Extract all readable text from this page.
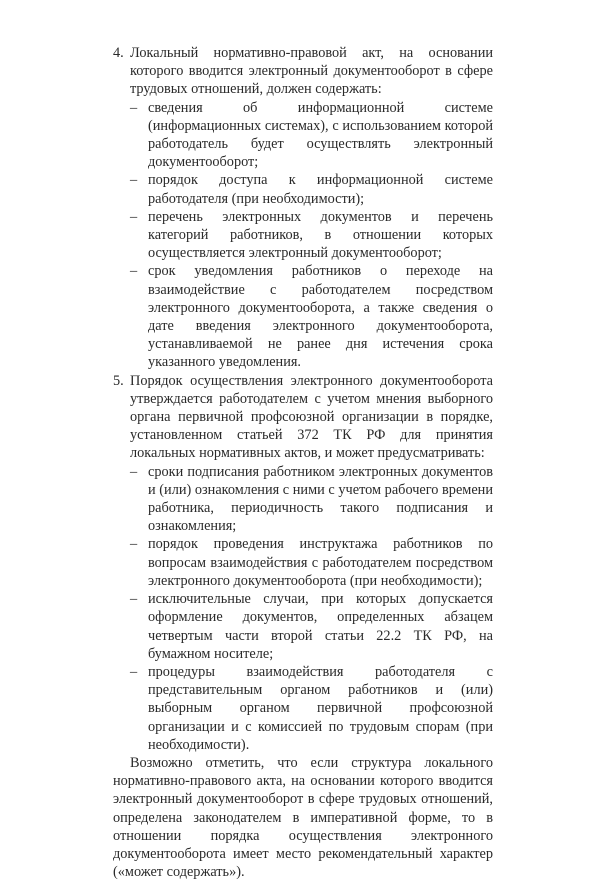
4. Локальный нормативно-правовой акт, на основании которого вводится электронный документооборот в сфере трудовых отношений, должен содержать:

– сведения об информационной системе (информационных системах), с использованием которой работодатель будет осуществлять электронный документооборот;

– порядок доступа к информационной системе работодателя (при необходимости);

– перечень электронных документов и перечень категорий работников, в отношении которых осуществляется электронный документооборот;

– срок уведомления работников о переходе на взаимодействие с работодателем посредством электронного документооборота, а также сведения о дате введения электронного документооборота, устанавливаемой не ранее дня истечения срока указанного уведомления.

5. Порядок осуществления электронного документооборота утверждается работодателем с учетом мнения выборного органа первичной профсоюзной организации в порядке, установленном статьей 372 ТК РФ для принятия локальных нормативных актов, и может предусматривать:

– сроки подписания работником электронных документов и (или) ознакомления с ними с учетом рабочего времени работника, периодичность такого подписания и ознакомления;

– порядок проведения инструктажа работников по вопросам взаимодействия с работодателем посредством электронного документооборота (при необходимости);

– исключительные случаи, при которых допускается оформление документов, определенных абзацем четвертым части второй статьи 22.2 ТК РФ, на бумажном носителе;

– процедуры взаимодействия работодателя с представительным органом работников и (или) выборным органом первичной профсоюзной организации и с комиссией по трудовым спорам (при необходимости).

Возможно отметить, что если структура локального нормативно-правового акта, на основании которого вводится электронный документооборот в сфере трудовых отношений, определена законодателем в императивной форме, то в отношении порядка осуществления электронного документооборота имеет место рекомендательный характер («может содержать»).
